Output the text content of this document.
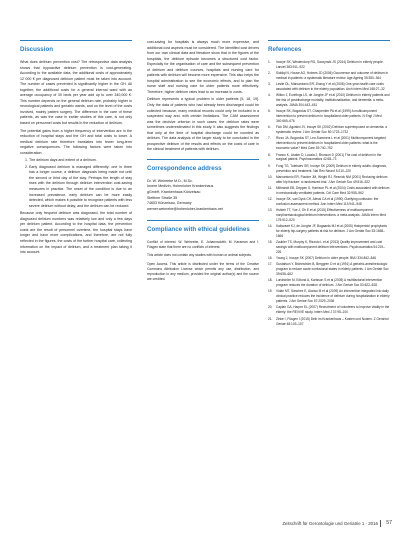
Discussion

What does delirium prevention cost? The retrospective data analysis shows that hypoactive delirium prevention is cost-generating. According to the available data, the additional costs of approximately 12 000 € per diagnosed delirium patient must be taken into account. The number of cases prevented is significantly higher in the GH. All together, the additional costs for a general internal ward with an average occupancy of 30 beds per year add up to over 340,000 €. This number depends on the general delirium rate, probably higher in neurological patients and geriatric wards, and on the level of the costs involved, mainly patient surgery. The difference in the care of these patients, as was the case in earlier studies of this care, is not only based on personnel costs but results in the reduction of delirium.

The potential gains from a higher frequency of intervention are in the reduction of hospital stays and the GH and total costs to lower. A medical delirium rate therefore translates into fewer long-term negative consequences. The following factors were taken into consideration:

1. The delirium days and extent of a delirium.
2. Early diagnosed delirium is managed differently: one in three has a longer course, a delirium diagnosis being made not until the second or third day of the stay. Perhaps the length of stay rises with the delirium through delirium intervention cost-saving measures in practice. The onset of the condition is due to an increased prevalence, early delirium can be more easily detected, which makes it possible to recognize patients with less severe delirium without delay, and the delirium can be reduced.

Because only frequent delirium was diagnosed, the total number of diagnosed delirium numbers was relatively low and only a few days per delirium patient. According to the hospital data, the prevention costs are the result of personnel overtime, the hospital stays have longer and have more complications, and therefore, are not fully reflected in the figures, the costs of the further hospital care, collecting information on the impact of delirium, and a treatment plan taking it into account.

cost-saving for hospitals is always much more expensive, and additional cost aspects must be considered. The identified cost drivers from our own clinical data and literature show that in the figures of the hospitals, the delirium episode becomes a structured cost factor. Especially for the organisation of care and the subsequent prevention of delirium and delirium courses, hospitals and nursing care for patients with delirium will become more expensive. This also helps the hospital administration to see the economic effects, and to plan the nurse staff and nursing care for older patients more effectively. Therefore, higher delirium rates lead to an increase in costs.

Delirium represents a typical problem in older patients [5, 18, 19]. Only the data of patients who had already been discharged could be collected because, many medical records could only be included in a suspected way and, with certain limitations. The CAM assessment was the decisive criterion in such cases; the delirium rates were sometimes underestimated in this study. It also suggests the findings that only at the time of hospital discharge could be counted as delirium. The data analysis of the larger study to be concluded in the prospective delirium of the results and effects on the costs of care in the clinical treatment of patients with delirium.

Correspondence address

Dr. W. Weinrebe M.D., M.Sc.

Innere Medizin, Hohenloher Krankenhaus

gGmbH, Krankenhaus Künzelsau

Stettiner Straße 35

74653 Künzelsau, Germany

werner.weinrebe@hohenloher-krankenhaus.net

Compliance with ethical guidelines

Conflict of interest. W. Weinrebe, E. Johannsdottir, M. Karaman and I. Füsgen state that there are no conflicts of interest.

This article does not contain any studies with human or animal subjects.

Open Access. This article is distributed under the terms of the Creative Commons Attribution License which permits any use, distribution, and reproduction in any medium, provided the original author(s) and the source are credited.

References
1. Inouye SK, Westendorp RG, Saczynski JS (2014) Delirium in elderly people. Lancet 383:911–922
2. Siddiqi N, House AO, Holmes JD (2006) Occurrence and outcome of delirium in medical in-patients: a systematic literature review. Age Ageing 35:350–364
3. Leslie DL, Marcantonio ER, Zhang Y et al (2008) One-year health care costs associated with delirium in the elderly population. Arch Intern Med 168:27–32
4. Witlox J, Eurelings LS, de Jonghe JF et al (2010) Delirium in elderly patients and the risk of postdischarge mortality, institutionalization, and dementia: a meta-analysis. JAMA 304:443–451
5. Inouye SK, Bogardus ST, Charpentier PA et al (1999) A multicomponent intervention to prevent delirium in hospitalized older patients. N Engl J Med 340:669–676
6. Fick DM, Agostini JV, Inouye SK (2002) Delirium superimposed on dementia: a systematic review. J Am Geriatr Soc 50:1723–1732
7. Rizzo JA, Bogardus ST, Leo-Summers L et al (2001) Multicomponent targeted intervention to prevent delirium in hospitalized older patients: what is the economic value? Med Care 39:740–752
8. Franco K, Litaker D, Locala J, Bronson D (2001) The cost of delirium in the surgical patient. Psychosomatics 42:68–73
9. Fong TG, Tulebaev SR, Inouye SK (2009) Delirium in elderly adults: diagnosis, prevention and treatment. Nat Rev Neurol 5:210–220
10. Marcantonio ER, Flacker JM, Wright RJ, Resnick NM (2001) Reducing delirium after hip fracture: a randomized trial. J Am Geriatr Soc 49:516–522
11. Milbrandt EB, Deppen S, Harrison PL et al (2004) Costs associated with delirium in mechanically ventilated patients. Crit Care Med 32:955–962
12. Inouye SK, van Dyck CH, Alessi CA et al (1990) Clarifying confusion: the confusion assessment method. Ann Intern Med 113:941–948
13. Hshieh TT, Yue J, Oh E et al (2015) Effectiveness of multicomponent nonpharmacological delirium interventions: a meta-analysis. JAMA Intern Med 175:512–520
14. Kalisvaart KJ, de Jonghe JF, Bogaards MJ et al (2005) Haloperidol prophylaxis for elderly hip-surgery patients at risk for delirium. J Am Geriatr Soc 53:1658–1666
15. Zaubler TS, Murphy K, Rizzuto L et al (2013) Quality improvement and cost savings with multicomponent delirium interventions. Psychosomatics 54:219–226
16. Young J, Inouye SK (2007) Delirium in older people. BMJ 334:842–846
17. Gustafson Y, Brännström B, Berggren D et al (1991) A geriatric-anesthesiologic program to reduce acute confusional states in elderly patients. J Am Geriatr Soc 39:655–662
18. Lundström M, Edlund A, Karlsson S et al (2005) A multifactorial intervention program reduces the duration of delirium. J Am Geriatr Soc 53:622–628
19. Vidán MT, Sánchez E, Alonso M et al (2009) An intervention integrated into daily clinical practice reduces the incidence of delirium during hospitalization in elderly patients. J Am Geriatr Soc 57:2029–2036
20. Caplan GA, Harper EL (2007) Recruitment of volunteers to improve vitality in the elderly: the REVIVE study. Intern Med J 37:95–100
21. Zinke I, Füsgen I (2015) Delir im Krankenhaus – Kosten und Nutzen. Z Gerontol Geriatr 48:103–107
Zeitschrift für Gerontologie und Geriatrie 1 · 2016 57
